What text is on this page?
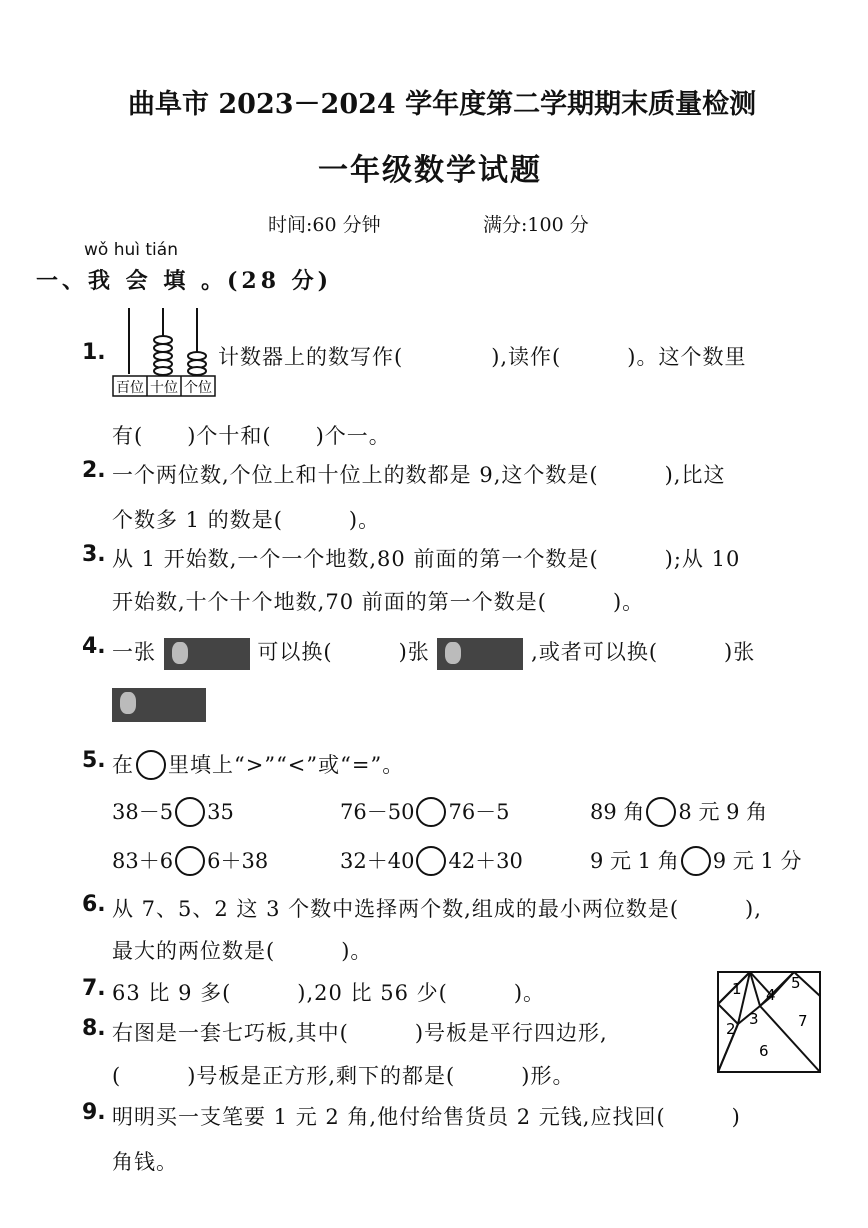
曲阜市 2023－2024 学年度第二学期期末质量检测
一年级数学试题
时间:60 分钟	满分:100 分
wǒ huì tián
一、我 会 填 。(28 分)
1.
百位 十位 个位
计数器上的数写作(　　　　),读作(　　　)。这个数里
有(　　)个十和(　　)个一。
2. 一个两位数,个位上和十位上的数都是 9,这个数是(　　　),比这
个数多 1 的数是(　　　)。
3. 从 1 开始数,一个一个地数,80 前面的第一个数是(　　　);从 10
开始数,十个十个地数,70 前面的第一个数是(　　　)。
4. 一张	可以换(　　　)张	,或者可以换(　　　)张
5. 在 里填上“>”“<”或“=”。
38－5 35	76－50 76－5	89 角 8 元 9 角
83＋6 6＋38	32＋40 42＋30	9 元 1 角 9 元 1 分
6. 从 7、5、2 这 3 个数中选择两个数,组成的最小两位数是(　　　),
最大的两位数是(　　　)。
7. 63 比 9 多(　　　),20 比 56 少(　　　)。	1
2
3
4
5
6
7
8. 右图是一套七巧板,其中(　　　)号板是平行四边形,
(　　　)号板是正方形,剩下的都是(　　　)形。
9. 明明买一支笔要 1 元 2 角,他付给售货员 2 元钱,应找回(　　　)
角钱。
